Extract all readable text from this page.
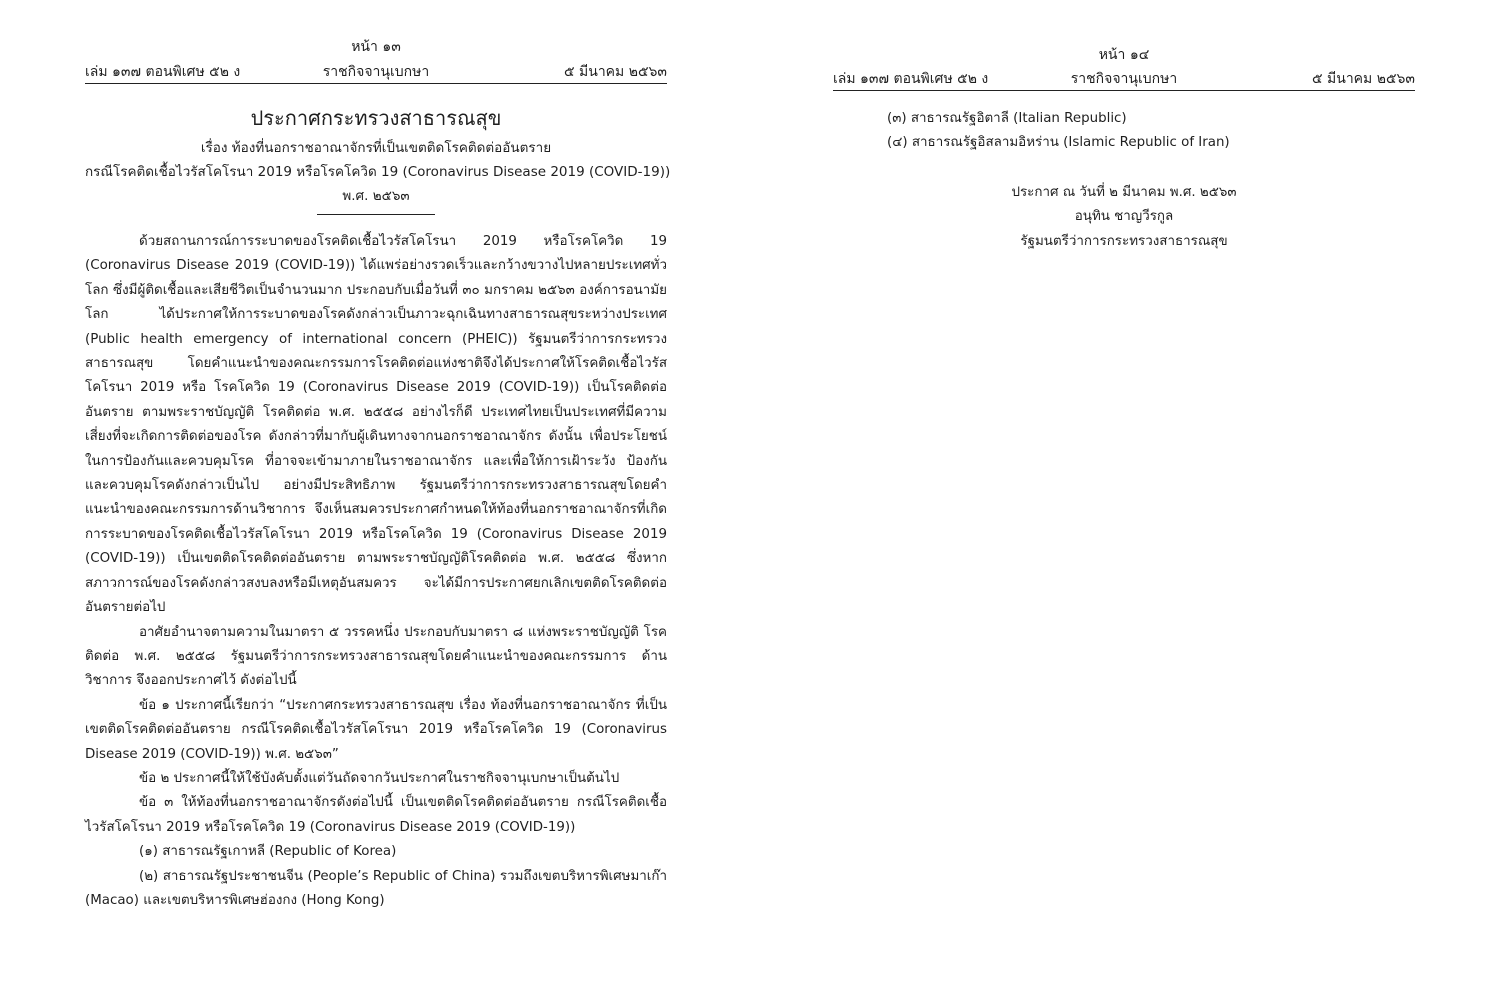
หน้า ๑๓
เล่ม ๑๓๗ ตอนพิเศษ ๕๒ ง	ราชกิจจานุเบกษา	๕ มีนาคม ๒๕๖๓
ประกาศกระทรวงสาธารณสุข

เรื่อง ท้องที่นอกราชอาณาจักรที่เป็นเขตติดโรคติดต่ออันตราย

กรณีโรคติดเชื้อไวรัสโคโรนา 2019 หรือโรคโควิด 19 (Coronavirus Disease 2019 (COVID-19))

พ.ศ. ๒๕๖๓

ด้วยสถานการณ์การระบาดของโรคติดเชื้อไวรัสโคโรนา 2019 หรือโรคโควิด 19 (Coronavirus Disease 2019 (COVID-19)) ได้แพร่อย่างรวดเร็วและกว้างขวางไปหลายประเทศทั่วโลก ซึ่งมีผู้ติดเชื้อและเสียชีวิตเป็นจำนวนมาก ประกอบกับเมื่อวันที่ ๓๐ มกราคม ๒๕๖๓ องค์การอนามัยโลก ได้ประกาศให้การระบาดของโรคดังกล่าวเป็นภาวะฉุกเฉินทางสาธารณสุขระหว่างประเทศ (Public health emergency of international concern (PHEIC)) รัฐมนตรีว่าการกระทรวงสาธารณสุข โดยคำแนะนำของคณะกรรมการโรคติดต่อแห่งชาติจึงได้ประกาศให้โรคติดเชื้อไวรัสโคโรนา 2019 หรือ โรคโควิด 19 (Coronavirus Disease 2019 (COVID-19)) เป็นโรคติดต่ออันตราย ตามพระราชบัญญัติ โรคติดต่อ พ.ศ. ๒๕๕๘ อย่างไรก็ดี ประเทศไทยเป็นประเทศที่มีความเสี่ยงที่จะเกิดการติดต่อของโรค ดังกล่าวที่มากับผู้เดินทางจากนอกราชอาณาจักร ดังนั้น เพื่อประโยชน์ในการป้องกันและควบคุมโรค ที่อาจจะเข้ามาภายในราชอาณาจักร และเพื่อให้การเฝ้าระวัง ป้องกัน และควบคุมโรคดังกล่าวเป็นไป อย่างมีประสิทธิภาพ รัฐมนตรีว่าการกระทรวงสาธารณสุขโดยคำแนะนำของคณะกรรมการด้านวิชาการ จึงเห็นสมควรประกาศกำหนดให้ท้องที่นอกราชอาณาจักรที่เกิดการระบาดของโรคติดเชื้อไวรัสโคโรนา 2019 หรือโรคโควิด 19 (Coronavirus Disease 2019 (COVID-19)) เป็นเขตติดโรคติดต่ออันตราย ตามพระราชบัญญัติโรคติดต่อ พ.ศ. ๒๕๕๘ ซึ่งหากสภาวการณ์ของโรคดังกล่าวสงบลงหรือมีเหตุอันสมควร จะได้มีการประกาศยกเลิกเขตติดโรคติดต่ออันตรายต่อไป

อาศัยอำนาจตามความในมาตรา ๕ วรรคหนึ่ง ประกอบกับมาตรา ๘ แห่งพระราชบัญญัติ โรคติดต่อ พ.ศ. ๒๕๕๘ รัฐมนตรีว่าการกระทรวงสาธารณสุขโดยคำแนะนำของคณะกรรมการ ด้านวิชาการ จึงออกประกาศไว้ ดังต่อไปนี้

ข้อ ๑ ประกาศนี้เรียกว่า “ประกาศกระทรวงสาธารณสุข เรื่อง ท้องที่นอกราชอาณาจักร ที่เป็นเขตติดโรคติดต่ออันตราย กรณีโรคติดเชื้อไวรัสโคโรนา 2019 หรือโรคโควิด 19 (Coronavirus Disease 2019 (COVID-19)) พ.ศ. ๒๕๖๓”

ข้อ ๒ ประกาศนี้ให้ใช้บังคับตั้งแต่วันถัดจากวันประกาศในราชกิจจานุเบกษาเป็นต้นไป

ข้อ ๓ ให้ท้องที่นอกราชอาณาจักรดังต่อไปนี้ เป็นเขตติดโรคติดต่ออันตราย กรณีโรคติดเชื้อ ไวรัสโคโรนา 2019 หรือโรคโควิด 19 (Coronavirus Disease 2019 (COVID-19))

(๑) สาธารณรัฐเกาหลี (Republic of Korea)

(๒) สาธารณรัฐประชาชนจีน (People’s Republic of China) รวมถึงเขตบริหารพิเศษมาเก๊า (Macao) และเขตบริหารพิเศษฮ่องกง (Hong Kong)

หน้า ๑๔
เล่ม ๑๓๗ ตอนพิเศษ ๕๒ ง	ราชกิจจานุเบกษา	๕ มีนาคม ๒๕๖๓

(๓) สาธารณรัฐอิตาลี (Italian Republic)

(๔) สาธารณรัฐอิสลามอิหร่าน (Islamic Republic of Iran)

ประกาศ ณ วันที่ ๒ มีนาคม พ.ศ. ๒๕๖๓

อนุทิน ชาญวีรกูล

รัฐมนตรีว่าการกระทรวงสาธารณสุข
